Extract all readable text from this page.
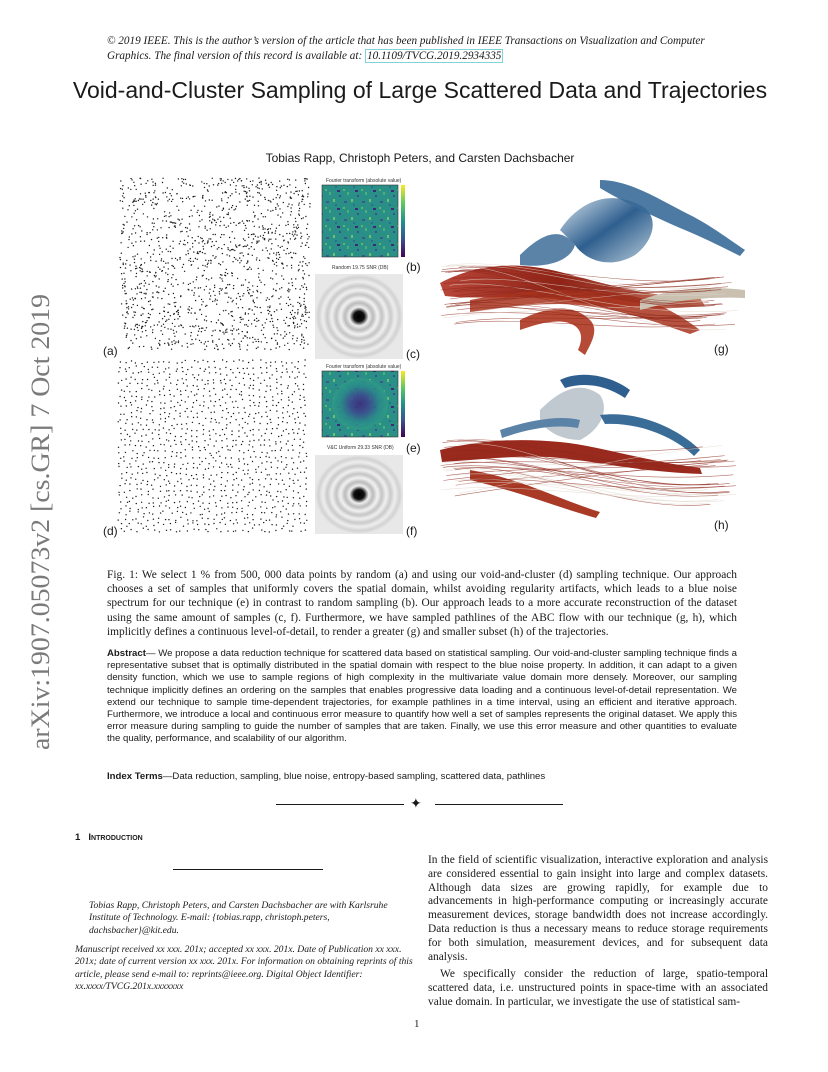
© 2019 IEEE. This is the author’s version of the article that has been published in IEEE Transactions on Visualization and Computer Graphics. The final version of this record is available at: 10.1109/TVCG.2019.2934335
Void-and-Cluster Sampling of Large Scattered Data and Trajectories
Tobias Rapp, Christoph Peters, and Carsten Dachsbacher
arXiv:1907.05073v2 [cs.GR] 7 Oct 2019
Fourier transform (absolute value)
Random 19.75 SNR (DB)
Fourier transform (absolute value)
V&C Uniform 29.33 SNR (DB)
(a)
(b)
(c)
(d)
(e)
(f)
(g)
(h)
Fig. 1: We select 1 % from 500, 000 data points by random (a) and using our void-and-cluster (d) sampling technique. Our approach chooses a set of samples that uniformly covers the spatial domain, whilst avoiding regularity artifacts, which leads to a blue noise spectrum for our technique (e) in contrast to random sampling (b). Our approach leads to a more accurate reconstruction of the dataset using the same amount of samples (c, f). Furthermore, we have sampled pathlines of the ABC flow with our technique (g, h), which implicitly defines a continuous level-of-detail, to render a greater (g) and smaller subset (h) of the trajectories.
Abstract— We propose a data reduction technique for scattered data based on statistical sampling. Our void-and-cluster sampling technique finds a representative subset that is optimally distributed in the spatial domain with respect to the blue noise property. In addition, it can adapt to a given density function, which we use to sample regions of high complexity in the multivariate value domain more densely. Moreover, our sampling technique implicitly defines an ordering on the samples that enables progressive data loading and a continuous level-of-detail representation. We extend our technique to sample time-dependent trajectories, for example pathlines in a time interval, using an efficient and iterative approach. Furthermore, we introduce a local and continuous error measure to quantify how well a set of samples represents the original dataset. We apply this error measure during sampling to guide the number of samples that are taken. Finally, we use this error measure and other quantities to evaluate the quality, performance, and scalability of our algorithm.
Index Terms—Data reduction, sampling, blue noise, entropy-based sampling, scattered data, pathlines
✦
1 Introduction
Tobias Rapp, Christoph Peters, and Carsten Dachsbacher are with Karlsruhe Institute of Technology. E-mail: {tobias.rapp, christoph.peters, dachsbacher}@kit.edu.
Manuscript received xx xxx. 201x; accepted xx xxx. 201x. Date of Publication xx xxx. 201x; date of current version xx xxx. 201x. For information on obtaining reprints of this article, please send e-mail to: reprints@ieee.org. Digital Object Identifier: xx.xxxx/TVCG.201x.xxxxxxx

In the field of scientific visualization, interactive exploration and analysis are considered essential to gain insight into large and complex datasets. Although data sizes are growing rapidly, for example due to advancements in high-performance computing or increasingly accurate measurement devices, storage bandwidth does not increase accordingly. Data reduction is thus a necessary means to reduce storage requirements for both simulation, measurement devices, and for subsequent data analysis.

We specifically consider the reduction of large, spatio-temporal scattered data, i.e. unstructured points in space-time with an associated value domain. In particular, we investigate the use of statistical sam-

1
